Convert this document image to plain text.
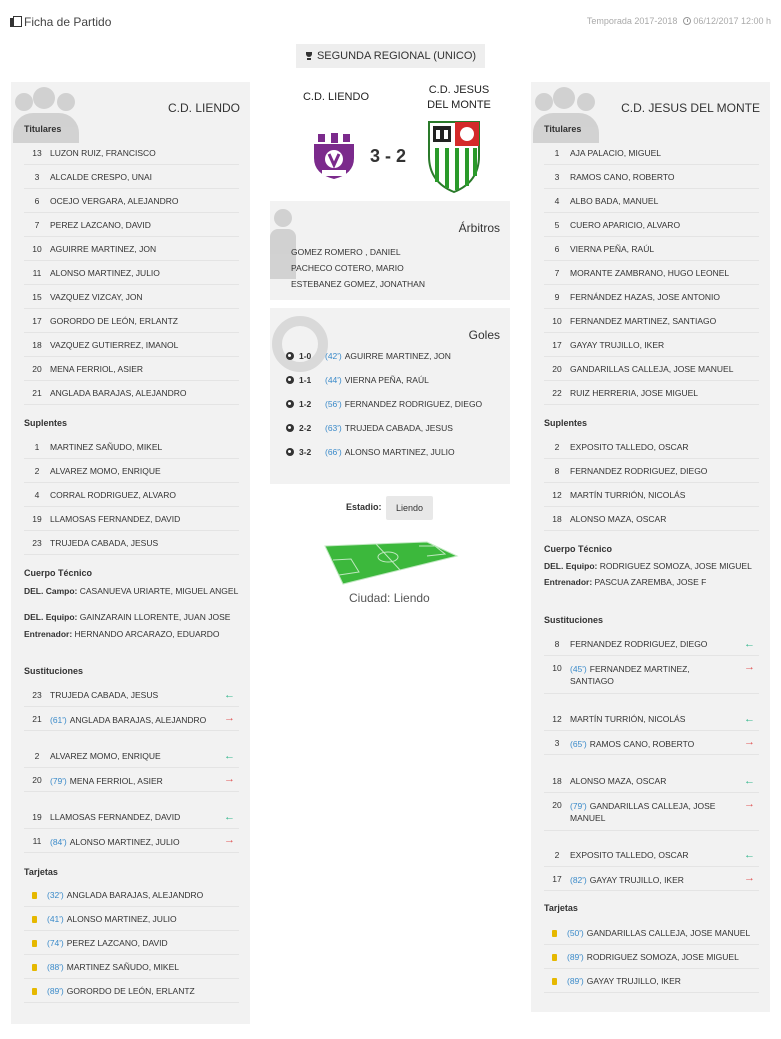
Ficha de Partido	Temporada 2017-2018	06/12/2017 12:00 h
SEGUNDA REGIONAL (UNICO)
C.D. LIENDO
Titulares
13 LUZON RUIZ, FRANCISCO
3	ALCALDE CRESPO, UNAI
6	OCEJO VERGARA, ALEJANDRO
7	PEREZ LAZCANO, DAVID
10 AGUIRRE MARTINEZ, JON
11	ALONSO MARTINEZ, JULIO
15 VAZQUEZ VIZCAY, JON
17 GORORDO DE LEÓN, ERLANTZ
18 VAZQUEZ GUTIERREZ, IMANOL
20 MENA FERRIOL, ASIER
21 ANGLADA BARAJAS, ALEJANDRO
Suplentes
1	MARTINEZ SAÑUDO, MIKEL
2	ALVAREZ MOMO, ENRIQUE
4	CORRAL RODRIGUEZ, ALVARO
19 LLAMOSAS FERNANDEZ, DAVID
23 TRUJEDA CABADA, JESUS
Cuerpo Técnico
DEL. Campo: CASANUEVA URIARTE, MIGUEL ANGEL
DEL. Equipo: GAINZARAIN LLORENTE, JUAN JOSE
Entrenador: HERNANDO ARCARAZO, EDUARDO
Sustituciones
23 TRUJEDA CABADA, JESUS	←
21 (61') ANGLADA BARAJAS, ALEJANDRO	→
2	ALVAREZ MOMO, ENRIQUE	←
20 (79') MENA FERRIOL, ASIER	→
19 LLAMOSAS FERNANDEZ, DAVID	←
11	(84') ALONSO MARTINEZ, JULIO	→
Tarjetas
(32') ANGLADA BARAJAS, ALEJANDRO
(41') ALONSO MARTINEZ, JULIO
(74') PEREZ LAZCANO, DAVID
(88') MARTINEZ SAÑUDO, MIKEL
(89') GORORDO DE LEÓN, ERLANTZ
C.D. JESUS DEL MONTE
Titulares
1	AJA PALACIO, MIGUEL
3	RAMOS CANO, ROBERTO
4	ALBO BADA, MANUEL
5	CUERO APARICIO, ALVARO
6	VIERNA PEÑA, RAÚL
7	MORANTE ZAMBRANO, HUGO LEONEL
9	FERNÁNDEZ HAZAS, JOSE ANTONIO
10 FERNANDEZ MARTINEZ, SANTIAGO
17 GAYAY TRUJILLO, IKER
20 GANDARILLAS CALLEJA, JOSE MANUEL
22 RUIZ HERRERIA, JOSE MIGUEL
Suplentes
2	EXPOSITO TALLEDO, OSCAR
8	FERNANDEZ RODRIGUEZ, DIEGO
12 MARTÍN TURRIÓN, NICOLÁS
18 ALONSO MAZA, OSCAR
Cuerpo Técnico
DEL. Equipo: RODRIGUEZ SOMOZA, JOSE MIGUEL
Entrenador: PASCUA ZAREMBA, JOSE F
Sustituciones
8	FERNANDEZ RODRIGUEZ, DIEGO	←
10 (45') FERNANDEZ MARTINEZ, SANTIAGO
→
12 MARTÍN TURRIÓN, NICOLÁS	←
3	(65') RAMOS CANO, ROBERTO	→
18 ALONSO MAZA, OSCAR	←
20 (79') GANDARILLAS CALLEJA, JOSE MANUEL
→
2	EXPOSITO TALLEDO, OSCAR	←
17 (82') GAYAY TRUJILLO, IKER	→
Tarjetas
(50') GANDARILLAS CALLEJA, JOSE MANUEL
(89') RODRIGUEZ SOMOZA, JOSE MIGUEL
(89') GAYAY TRUJILLO, IKER
C.D. LIENDO
C.D. JESUS DEL MONTE
3 - 2
Árbitros
GOMEZ ROMERO , DANIEL
PACHECO COTERO, MARIO
ESTEBANEZ GOMEZ, JONATHAN
Goles
1-0	(42') AGUIRRE MARTINEZ, JON
1-1	(44') VIERNA PEÑA, RAÚL
1-2	(56') FERNANDEZ RODRIGUEZ, DIEGO
2-2	(63') TRUJEDA CABADA, JESUS
3-2	(66') ALONSO MARTINEZ, JULIO
Estadio:	Liendo
Ciudad: Liendo
